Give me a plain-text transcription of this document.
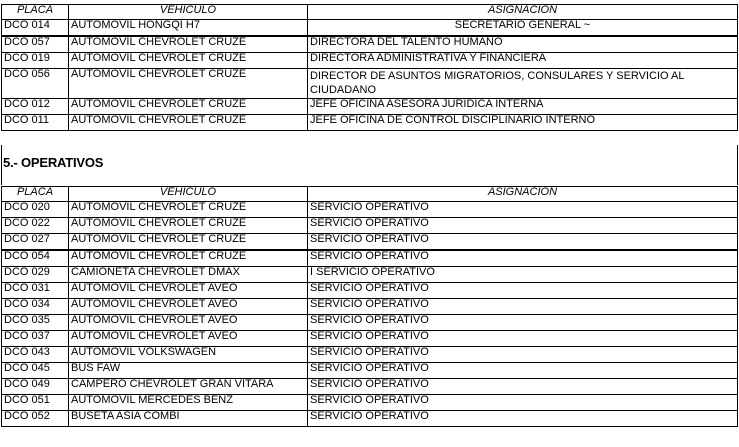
5.- OPERATIVOS
PLACA	VEHICULO	ASIGNACION
DCO 014	AUTOMOVIL HONGQI H7	SECRETARIO GENERAL ~
DCO 057	AUTOMOVIL CHEVROLET CRUZE	DIRECTORA DEL TALENTO HUMANO
DCO 019	AUTOMOVIL CHEVROLET CRUZE	DIRECTORA ADMINISTRATIVA Y FINANCIERA
DCO 056	AUTOMOVIL CHEVROLET CRUZE	DIRECTOR DE ASUNTOS MIGRATORIOS, CONSULARES Y SERVICIO AL CIUDADANO
DCO 012	AUTOMOVIL CHEVROLET CRUZE	JEFE OFICINA ASESORA JURIDICA INTERNA
DCO 011	AUTOMOVIL CHEVROLET CRUZE	JEFE OFICINA DE CONTROL DISCIPLINARIO INTERNO
PLACA	VEHICULO	ASIGNACION
DCO 020	AUTOMOVIL CHEVROLET CRUZE	SERVICIO OPERATIVO
DCO 022	AUTOMOVIL CHEVROLET CRUZE	SERVICIO OPERATIVO
DCO 027	AUTOMOVIL CHEVROLET CRUZE	SERVICIO OPERATIVO
DCO 054	AUTOMOVIL CHEVROLET CRUZE	SERVICIO OPERATIVO
DCO 029	CAMIONETA CHEVROLET DMAX	I SERVICIO OPERATIVO
DCO 031	AUTOMOVIL CHEVROLET AVEO	SERVICIO OPERATIVO
DCO 034	AUTOMOVIL CHEVROLET AVEO	SERVICIO OPERATIVO
DCO 035	AUTOMOVIL CHEVROLET AVEO	SERVICIO OPERATIVO
DCO 037	AUTOMOVIL CHEVROLET AVEO	SERVICIO OPERATIVO
DCO 043	AUTOMOVIL VOLKSWAGEN	SERVICIO OPERATIVO
DCO 045	BUS FAW	SERVICIO OPERATIVO
DCO 049	CAMPERO CHEVROLET GRAN VITARA	SERVICIO OPERATIVO
DCO 051	AUTOMOVIL MERCEDES BENZ	SERVICIO OPERATIVO
DCO 052	BUSETA ASIA COMBI	SERVICIO OPERATIVO
